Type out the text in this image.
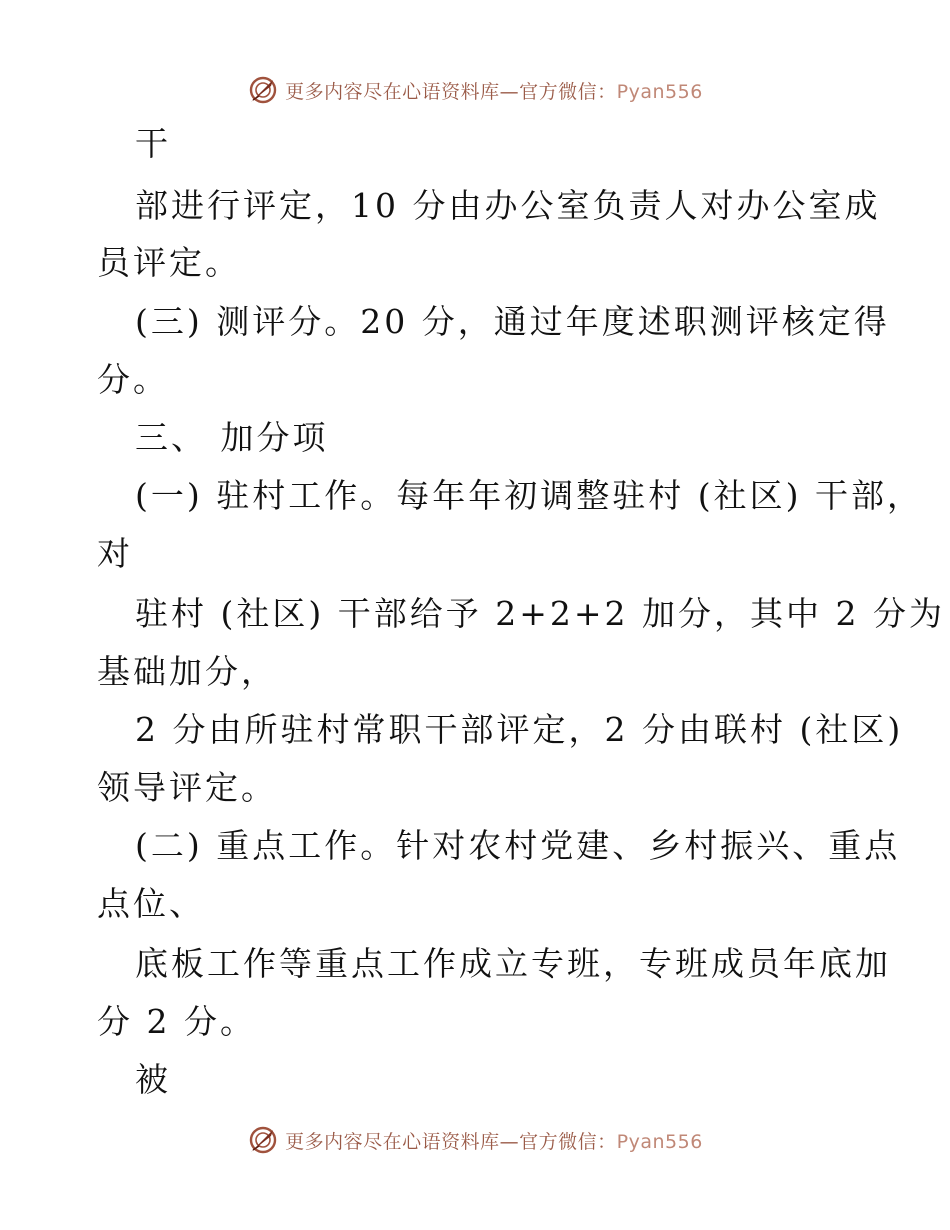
更多内容尽在心语资料库—官方微信：Pyan556
干
部进行评定，10 分由办公室负责人对办公室成
员评定。
(三) 测评分。20 分，通过年度述职测评核定得
分。
三、 加分项
(一) 驻村工作。每年年初调整驻村 (社区) 干部，
对
驻村 (社区) 干部给予 2+2+2 加分，其中 2 分为
基础加分，
2 分由所驻村常职干部评定，2 分由联村 (社区)
领导评定。
(二) 重点工作。针对农村党建、乡村振兴、重点
点位、
底板工作等重点工作成立专班，专班成员年底加
分 2 分。
被
更多内容尽在心语资料库—官方微信：Pyan556
